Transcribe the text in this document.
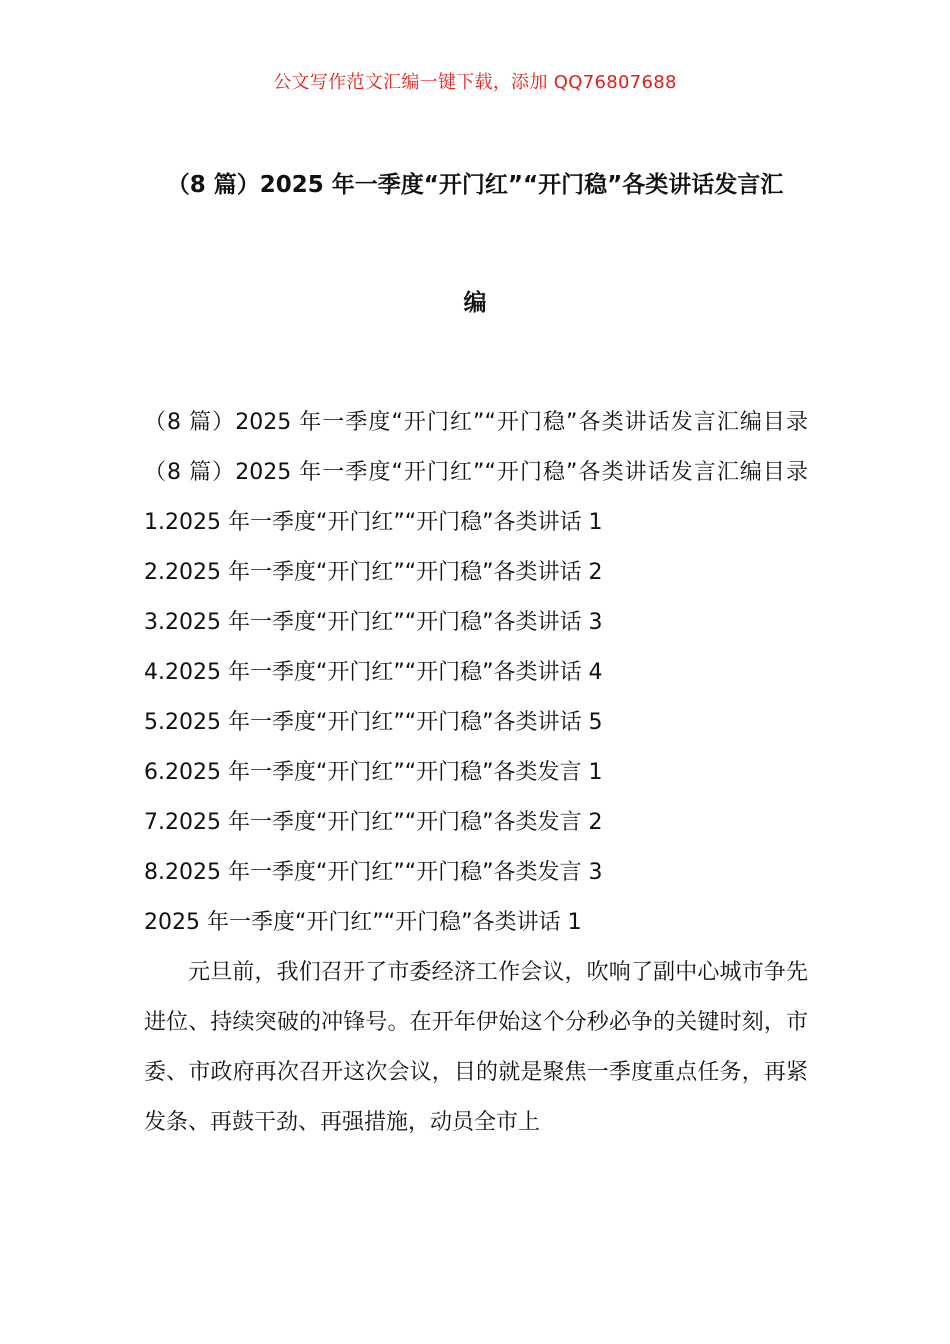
公文写作范文汇编一键下载，添加 QQ76807688
（8 篇）2025 年一季度“开门红”“开门稳”各类讲话发言汇
编

（8 篇）2025 年一季度“开门红”“开门稳”各类讲话发言汇编目录（8 篇）2025 年一季度“开门红”“开门稳”各类讲话发言汇编目录 1.2025 年一季度“开门红”“开门稳”各类讲话 1

2.2025 年一季度“开门红”“开门稳”各类讲话 2

3.2025 年一季度“开门红”“开门稳”各类讲话 3

4.2025 年一季度“开门红”“开门稳”各类讲话 4

5.2025 年一季度“开门红”“开门稳”各类讲话 5

6.2025 年一季度“开门红”“开门稳”各类发言 1

7.2025 年一季度“开门红”“开门稳”各类发言 2

8.2025 年一季度“开门红”“开门稳”各类发言 3

2025 年一季度“开门红”“开门稳”各类讲话 1

元旦前，我们召开了市委经济工作会议，吹响了副中心城市争先进位、持续突破的冲锋号。在开年伊始这个分秒必争的关键时刻，市委、市政府再次召开这次会议，目的就是聚焦一季度重点任务，再紧发条、再鼓干劲、再强措施，动员全市上
